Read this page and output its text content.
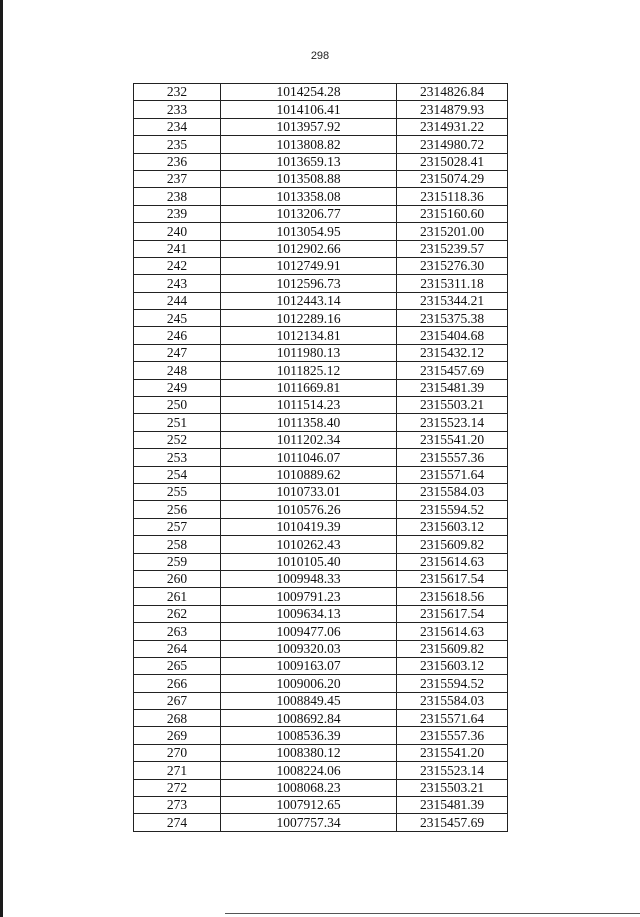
298
232	1014254.28	2314826.84
233	1014106.41	2314879.93
234	1013957.92	2314931.22
235	1013808.82	2314980.72
236	1013659.13	2315028.41
237	1013508.88	2315074.29
238	1013358.08	2315118.36
239	1013206.77	2315160.60
240	1013054.95	2315201.00
241	1012902.66	2315239.57
242	1012749.91	2315276.30
243	1012596.73	2315311.18
244	1012443.14	2315344.21
245	1012289.16	2315375.38
246	1012134.81	2315404.68
247	1011980.13	2315432.12
248	1011825.12	2315457.69
249	1011669.81	2315481.39
250	1011514.23	2315503.21
251	1011358.40	2315523.14
252	1011202.34	2315541.20
253	1011046.07	2315557.36
254	1010889.62	2315571.64
255	1010733.01	2315584.03
256	1010576.26	2315594.52
257	1010419.39	2315603.12
258	1010262.43	2315609.82
259	1010105.40	2315614.63
260	1009948.33	2315617.54
261	1009791.23	2315618.56
262	1009634.13	2315617.54
263	1009477.06	2315614.63
264	1009320.03	2315609.82
265	1009163.07	2315603.12
266	1009006.20	2315594.52
267	1008849.45	2315584.03
268	1008692.84	2315571.64
269	1008536.39	2315557.36
270	1008380.12	2315541.20
271	1008224.06	2315523.14
272	1008068.23	2315503.21
273	1007912.65	2315481.39
274	1007757.34	2315457.69
